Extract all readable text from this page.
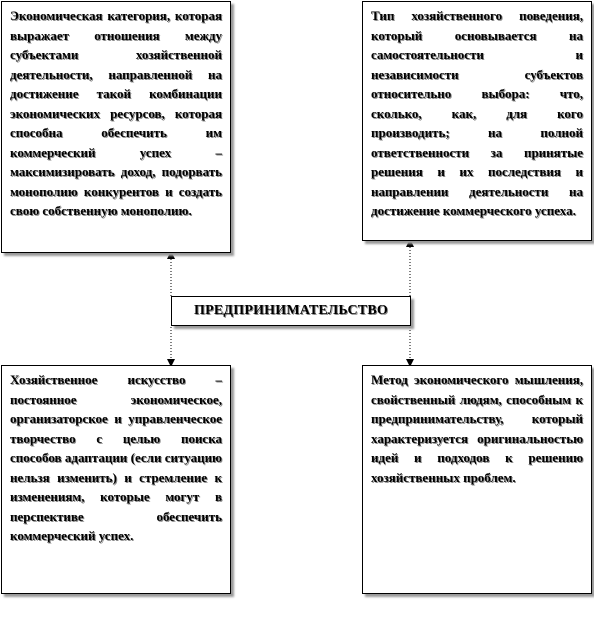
Экономическая категория, которая выражает отношения между субъектами хозяйственной деятельности, направленной на достижение такой комбинации экономических ресурсов, которая способна обеспечить им коммерческий успех – максимизировать доход, подорвать монополию конкурентов и создать свою собственную монополию.

Тип хозяйственного поведения, который основывается на самостоятельности и независимости субъектов относительно выбора: что, сколько, как, для кого производить; на полной ответственности за принятые решения и их последствия и направлении деятельности на достижение коммерческого успеха.

ПРЕДПРИНИМАТЕЛЬСТВО

Хозяйственное искусство – постоянное экономическое, организаторское и управленческое творчество с целью поиска способов адаптации (если ситуацию нельзя изменить) и стремление к изменениям, которые могут в перспективе обеспечить коммерческий успех.

Метод экономического мышления, свойственный людям, способным к предпринимательству, который характеризуется оригинальностью идей и подходов к решению хозяйственных проблем.
